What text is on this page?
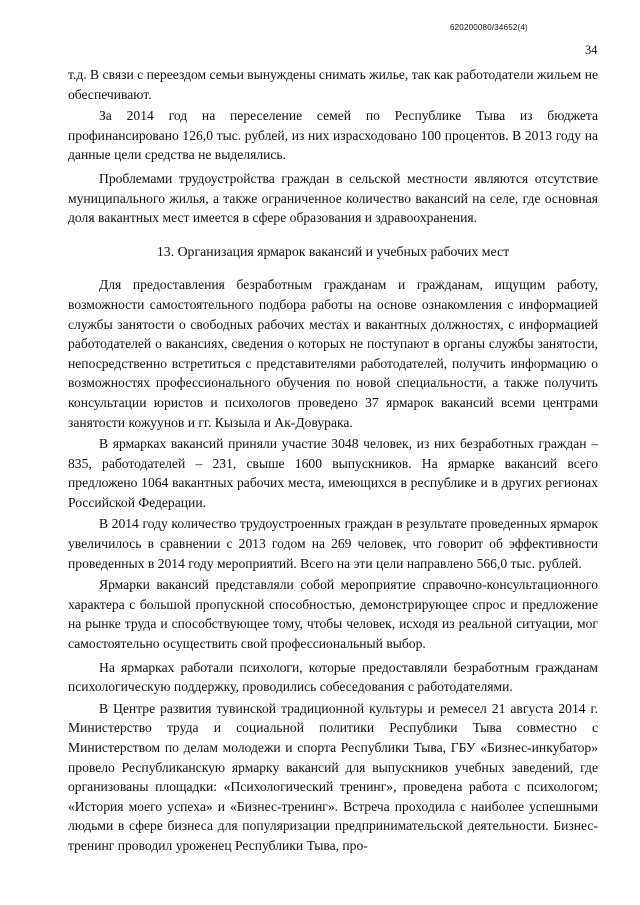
620200080/34652(4)
34

т.д. В связи с переездом семьи вынуждены снимать жилье, так как работодатели жильем не обеспечивают.

За 2014 год на переселение семей по Республике Тыва из бюджета профинансировано 126,0 тыс. рублей, из них израсходовано 100 процентов. В 2013 году на данные цели средства не выделялись.

Проблемами трудоустройства граждан в сельской местности являются отсутствие муниципального жилья, а также ограниченное количество вакансий на селе, где основная доля вакантных мест имеется в сфере образования и здравоохранения.

13. Организация ярмарок вакансий и учебных рабочих мест

Для предоставления безработным гражданам и гражданам, ищущим работу, возможности самостоятельного подбора работы на основе ознакомления с информацией службы занятости о свободных рабочих местах и вакантных должностях, с информацией работодателей о вакансиях, сведения о которых не поступают в органы службы занятости, непосредственно встретиться с представителями работодателей, получить информацию о возможностях профессионального обучения по новой специальности, а также получить консультации юристов и психологов проведено 37 ярмарок вакансий всеми центрами занятости кожуунов и гг. Кызыла и Ак-Довурака.

В ярмарках вакансий приняли участие 3048 человек, из них безработных граждан – 835, работодателей – 231, свыше 1600 выпускников. На ярмарке вакансий всего предложено 1064 вакантных рабочих места, имеющихся в республике и в других регионах Российской Федерации.

В 2014 году количество трудоустроенных граждан в результате проведенных ярмарок увеличилось в сравнении с 2013 годом на 269 человек, что говорит об эффективности проведенных в 2014 году мероприятий. Всего на эти цели направлено 566,0 тыс. рублей.

Ярмарки вакансий представляли собой мероприятие справочно-консультационного характера с большой пропускной способностью, демонстрирующее спрос и предложение на рынке труда и способствующее тому, чтобы человек, исходя из реальной ситуации, мог самостоятельно осуществить свой профессиональный выбор.

На ярмарках работали психологи, которые предоставляли безработным гражданам психологическую поддержку, проводились собеседования с работодателями.

В Центре развития тувинской традиционной культуры и ремесел 21 августа 2014 г. Министерство труда и социальной политики Республики Тыва совместно с Министерством по делам молодежи и спорта Республики Тыва, ГБУ «Бизнес-инкубатор» провело Республиканскую ярмарку вакансий для выпускников учебных заведений, где организованы площадки: «Психологический тренинг», проведена работа с психологом; «История моего успеха» и «Бизнес-тренинг». Встреча проходила с наиболее успешными людьми в сфере бизнеса для популяризации предпринимательской деятельности. Бизнес-тренинг проводил уроженец Республики Тыва, про-
